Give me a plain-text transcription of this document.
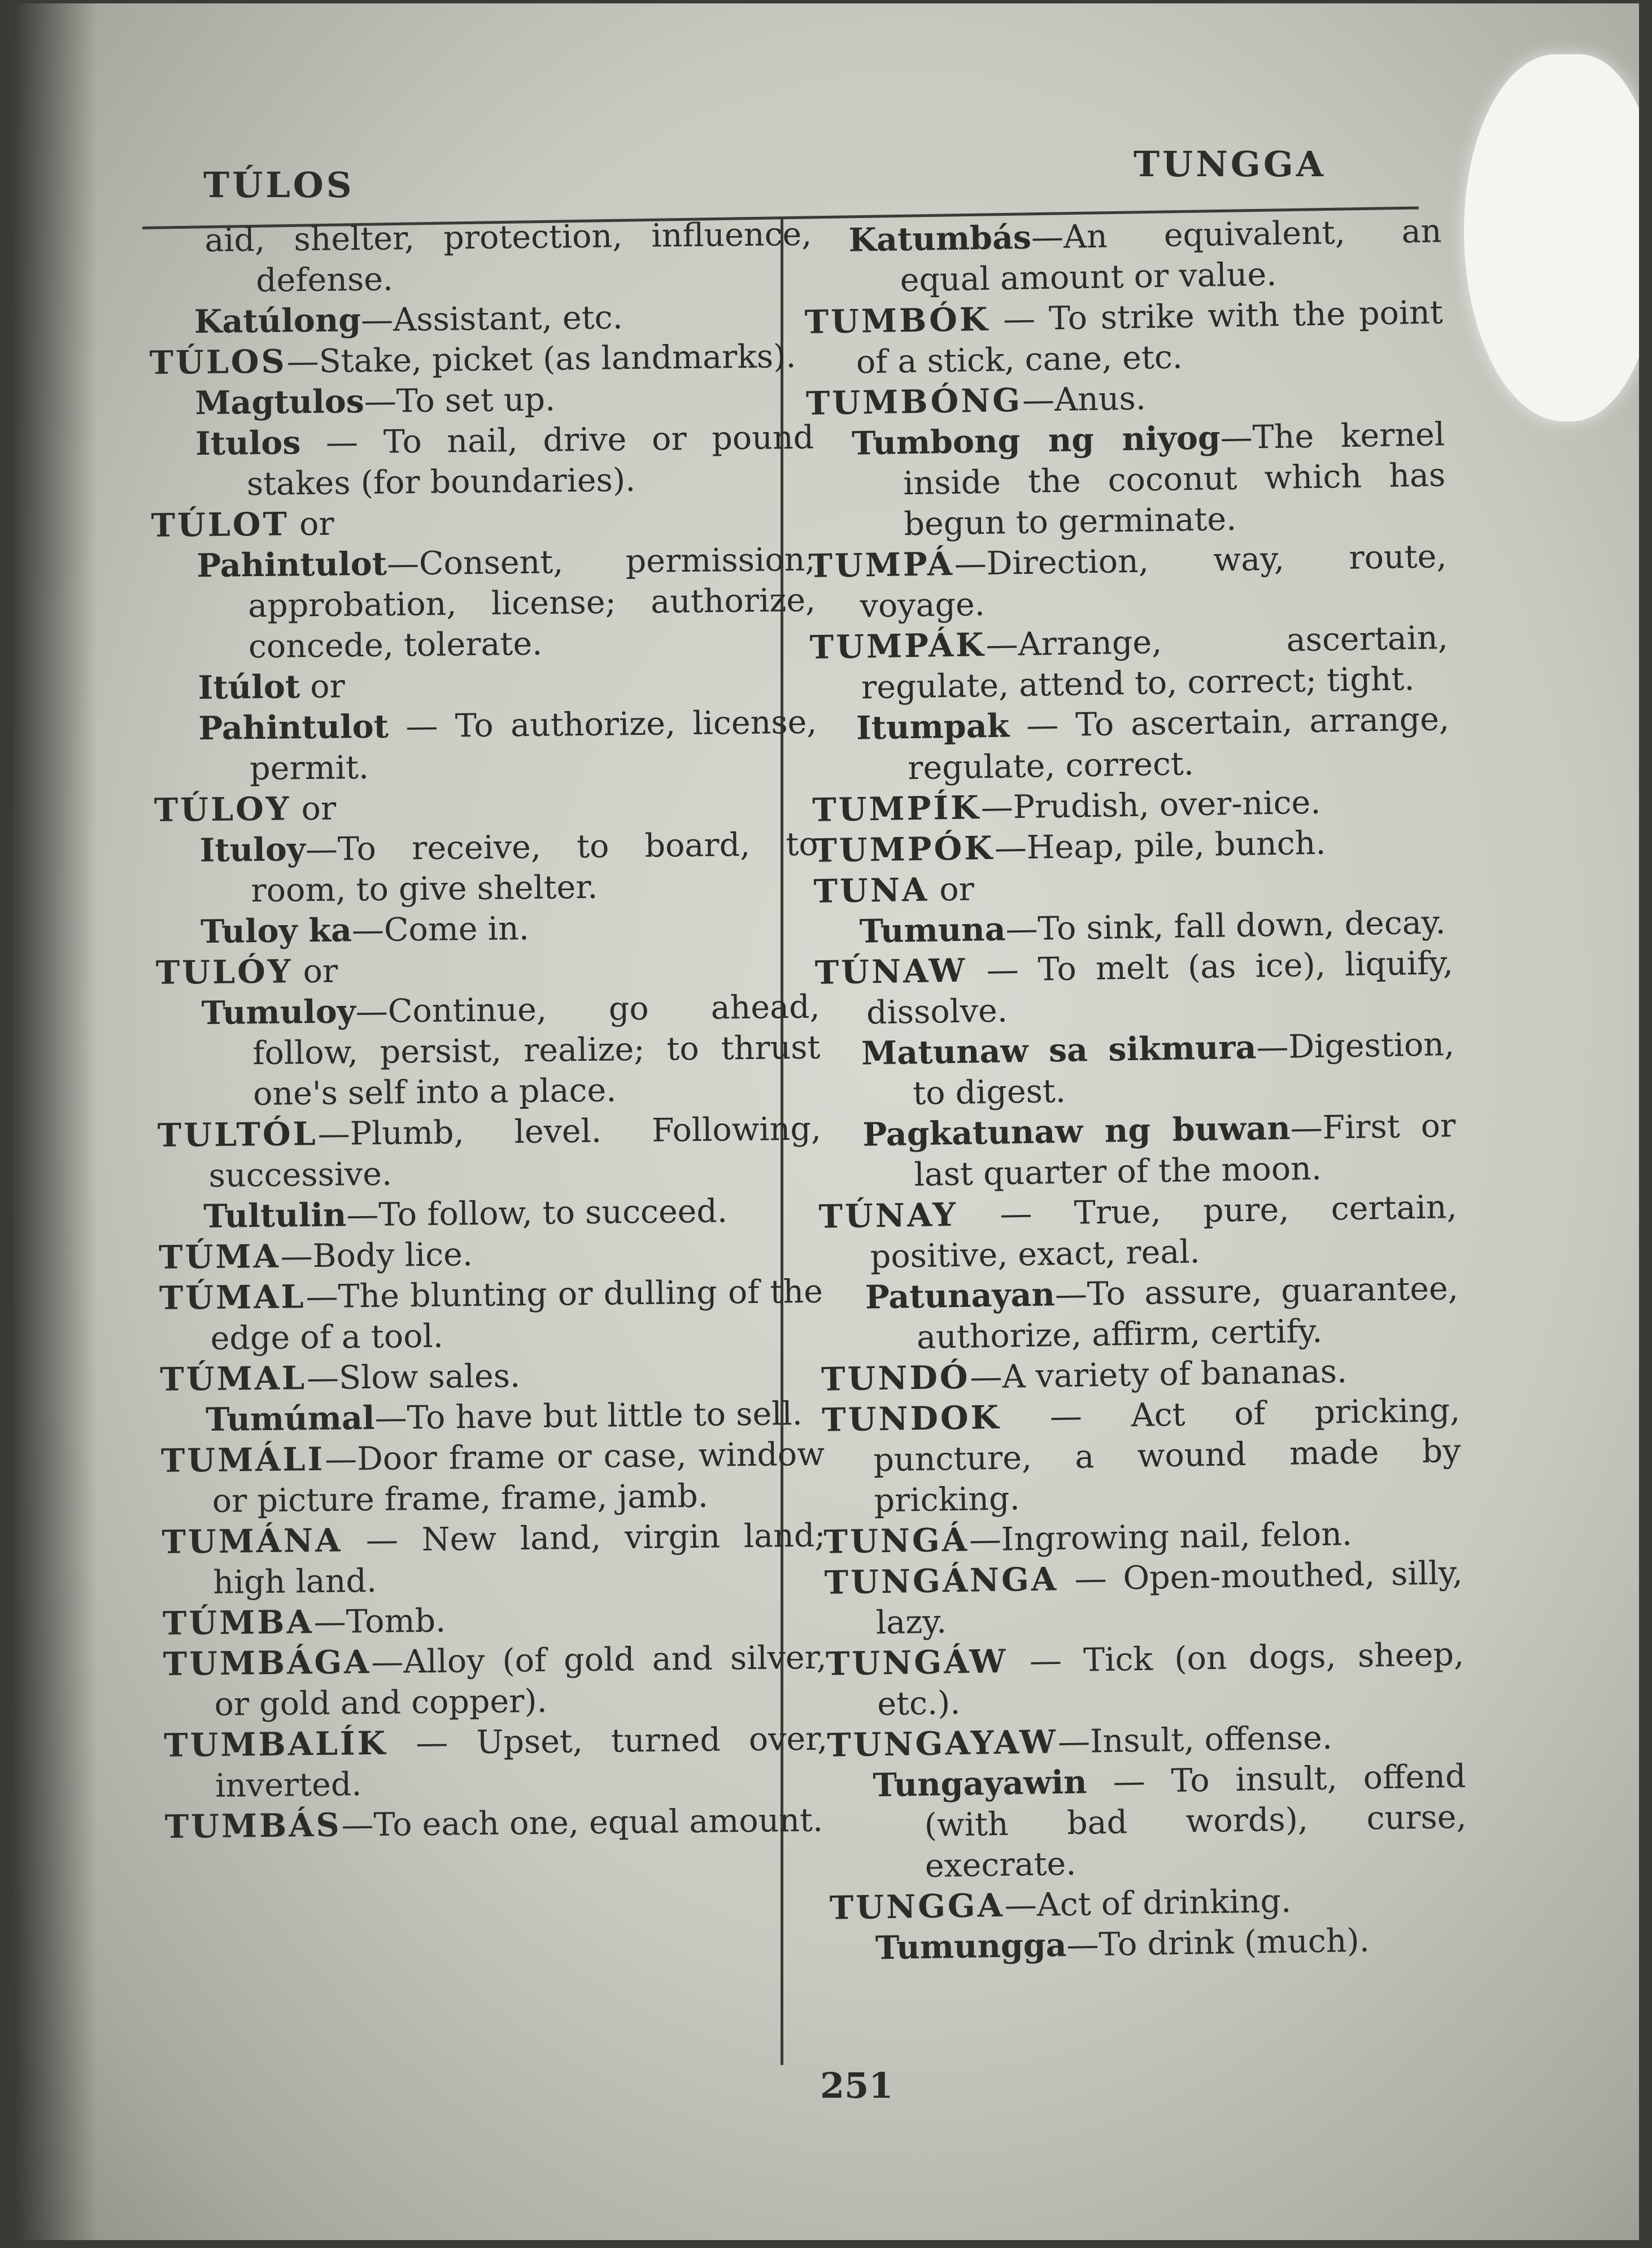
TÚLOS
TUNGGA

aid, shelter, protection, influence, defense.

Katúlong—Assistant, etc.

TÚLOS—Stake, picket (as landmarks).

Magtulos—To set up.

Itulos — To nail, drive or pound stakes (for boundaries).

TÚLOT or

Pahintulot—Consent, permission, approbation, license; authorize, concede, tolerate.

Itúlot or

Pahintulot — To authorize, license, permit.

TÚLOY or

Ituloy—To receive, to board, to room, to give shelter.

Tuloy ka—Come in.

TULÓY or

Tumuloy—Continue, go ahead, follow, persist, realize; to thrust one's self into a place.

TULTÓL—Plumb, level. Following, successive.

Tultulin—To follow, to succeed.

TÚMA—Body lice.

TÚMAL—The blunting or dulling of the edge of a tool.

TÚMAL—Slow sales.

Tumúmal—To have but little to sell.

TUMÁLI—Door frame or case, window or picture frame, frame, jamb.

TUMÁNA — New land, virgin land; high land.

TÚMBA—Tomb.

TUMBÁGA—Alloy (of gold and silver, or gold and copper).

TUMBALÍK — Upset, turned over, inverted.

TUMBÁS—To each one, equal amount.

Katumbás—An equivalent, an equal amount or value.

TUMBÓK — To strike with the point of a stick, cane, etc.

TUMBÓNG—Anus.

Tumbong ng niyog—The kernel inside the coconut which has begun to germinate.

TUMPÁ—Direction, way, route, voyage.

TUMPÁK—Arrange, ascertain, regulate, attend to, correct; tight.

Itumpak — To ascertain, arrange, regulate, correct.

TUMPÍK—Prudish, over-nice.

TUMPÓK—Heap, pile, bunch.

TUNA or

Tumuna—To sink, fall down, decay.

TÚNAW — To melt (as ice), liquify, dissolve.

Matunaw sa sikmura—Digestion, to digest.

Pagkatunaw ng buwan—First or last quarter of the moon.

TÚNAY — True, pure, certain, positive, exact, real.

Patunayan—To assure, guarantee, authorize, affirm, certify.

TUNDÓ—A variety of bananas.

TUNDOK — Act of pricking, puncture, a wound made by pricking.

TUNGÁ—Ingrowing nail, felon.

TUNGÁNGA — Open-mouthed, silly, lazy.

TUNGÁW — Tick (on dogs, sheep, etc.).

TUNGAYAW—Insult, offense.

Tungayawin — To insult, offend (with bad words), curse, execrate.

TUNGGA—Act of drinking.

Tumungga—To drink (much).

251
